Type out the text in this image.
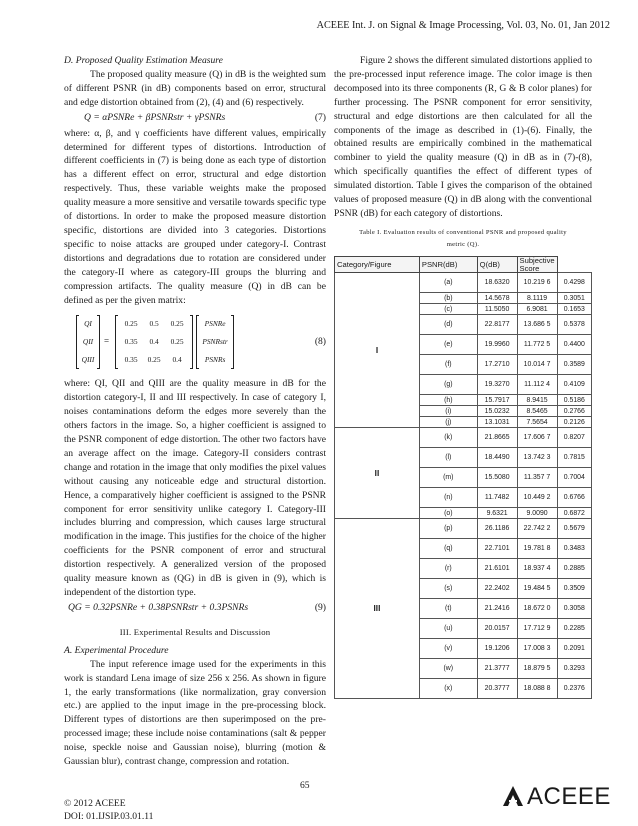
ACEEE Int. J. on Signal & Image Processing, Vol. 03, No. 01, Jan 2012
D. Proposed Quality Estimation Measure

The proposed quality measure (Q) in dB is the weighted sum of different PSNR (in dB) components based on error, structural and edge distortion obtained from (2), (4) and (6) respectively.

Q = αPSNRe + βPSNRstr + γPSNRs	(7)

where: α, β, and γ coefficients have different values, empirically determined for different types of distortions. Introduction of different coefficients in (7) is being done as each type of distortion has a different effect on error, structural and edge distortion respectively. Thus, these variable weights make the proposed quality measure a more sensitive and versatile towards specific type of distortions. In order to make the proposed measure distortion specific, distortions are divided into 3 categories. Distortions specific to noise attacks are grouped under category-I. Contrast distortions and degradations due to rotation are considered under the category-II where as category-III groups the blurring and compression artifacts. The quality measure (Q) in dB can be defined as per the given matrix:

QI
QII
QIII
=
0.25	0.5	0.25
0.35	0.4	0.25
0.35	0.25	0.4
PSNRe
PSNRstr
PSNRs
(8)

where: QI, QII and QIII are the quality measure in dB for the distortion category-I, II and III respectively. In case of category I, noises contaminations deform the edges more severely than the others factors in the image. So, a higher coefficient is assigned to the PSNR component of edge distortion. The other two factors have an average affect on the image. Category-II considers contrast change and rotation in the image that only modifies the pixel values without causing any noticeable edge and structural distortion. Hence, a comparatively higher coefficient is assigned to the PSNR component for error sensitivity unlike category I. Category-III includes blurring and compression, which causes large structural modification in the image. This justifies for the choice of the higher coefficients for the PSNR component of error and structural distortion respectively. A generalized version of the proposed quality measure known as (QG) in dB is given in (9), which is independent of the distortion type.

QG = 0.32PSNRe + 0.38PSNRstr + 0.3PSNRs	(9)
III. Experimental Results and Discussion
A. Experimental Procedure

The input reference image used for the experiments in this work is standard Lena image of size 256 x 256. As shown in figure 1, the early transformations (like normalization, gray conversion etc.) are applied to the input image in the pre-processing block. Different types of distortions are then superimposed on the pre-processed image; these include noise contaminations (salt & pepper noise, speckle noise and Gaussian noise), blurring (motion & Gaussian blur), contrast change, compression and rotation.

Figure 2 shows the different simulated distortions applied to the pre-processed input reference image. The color image is then decomposed into its three components (R, G & B color planes) for further processing. The PSNR component for error sensitivity, structural and edge distortions are then calculated for all the components of the image as described in (1)-(6). Finally, the obtained results are empirically combined in the mathematical combiner to yield the quality measure (Q) in dB as in (7)-(8), which specifically quantifies the effect of different types of simulated distortion. Table I gives the comparison of the obtained values of proposed measure (Q) in dB along with the conventional PSNR (dB) for each category of distortions.

Table I. Evaluation results of conventional PSNR and proposed quality
metric (Q).
Category/Figure	PSNR(dB)	Q(dB)	Subjective Score	
I	(a)	18.6320	10.219 6	0.4298
	(b)	14.5678	8.1119	0.3051
	(c)	11.5050	6.9081	0.1653
	(d)	22.8177	13.686 5	0.5378
	(e)	19.9960	11.772 5	0.4400
	(f)	17.2710	10.014 7	0.3589
	(g)	19.3270	11.112 4	0.4109
	(h)	15.7917	8.9415	0.5186
	(i)	15.0232	8.5465	0.2766
	(j)	13.1031	7.5654	0.2126
II	(k)	21.8665	17.606 7	0.8207
	(l)	18.4490	13.742 3	0.7815
	(m)	15.5080	11.357 7	0.7004
	(n)	11.7482	10.449 2	0.6766
	(o)	9.6321	9.0090	0.6872
III	(p)	26.1186	22.742 2	0.5679
	(q)	22.7101	19.781 8	0.3483
	(r)	21.6101	18.937 4	0.2885
	(s)	22.2402	19.484 5	0.3509
	(t)	21.2416	18.672 0	0.3058
	(u)	20.0157	17.712 9	0.2285
	(v)	19.1206	17.008 3	0.2091
	(w)	21.3777	18.879 5	0.3293
	(x)	20.3777	18.088 8	0.2376
65
© 2012 ACEEE
DOI: 01.IJSIP.03.01.11
ACEEE
